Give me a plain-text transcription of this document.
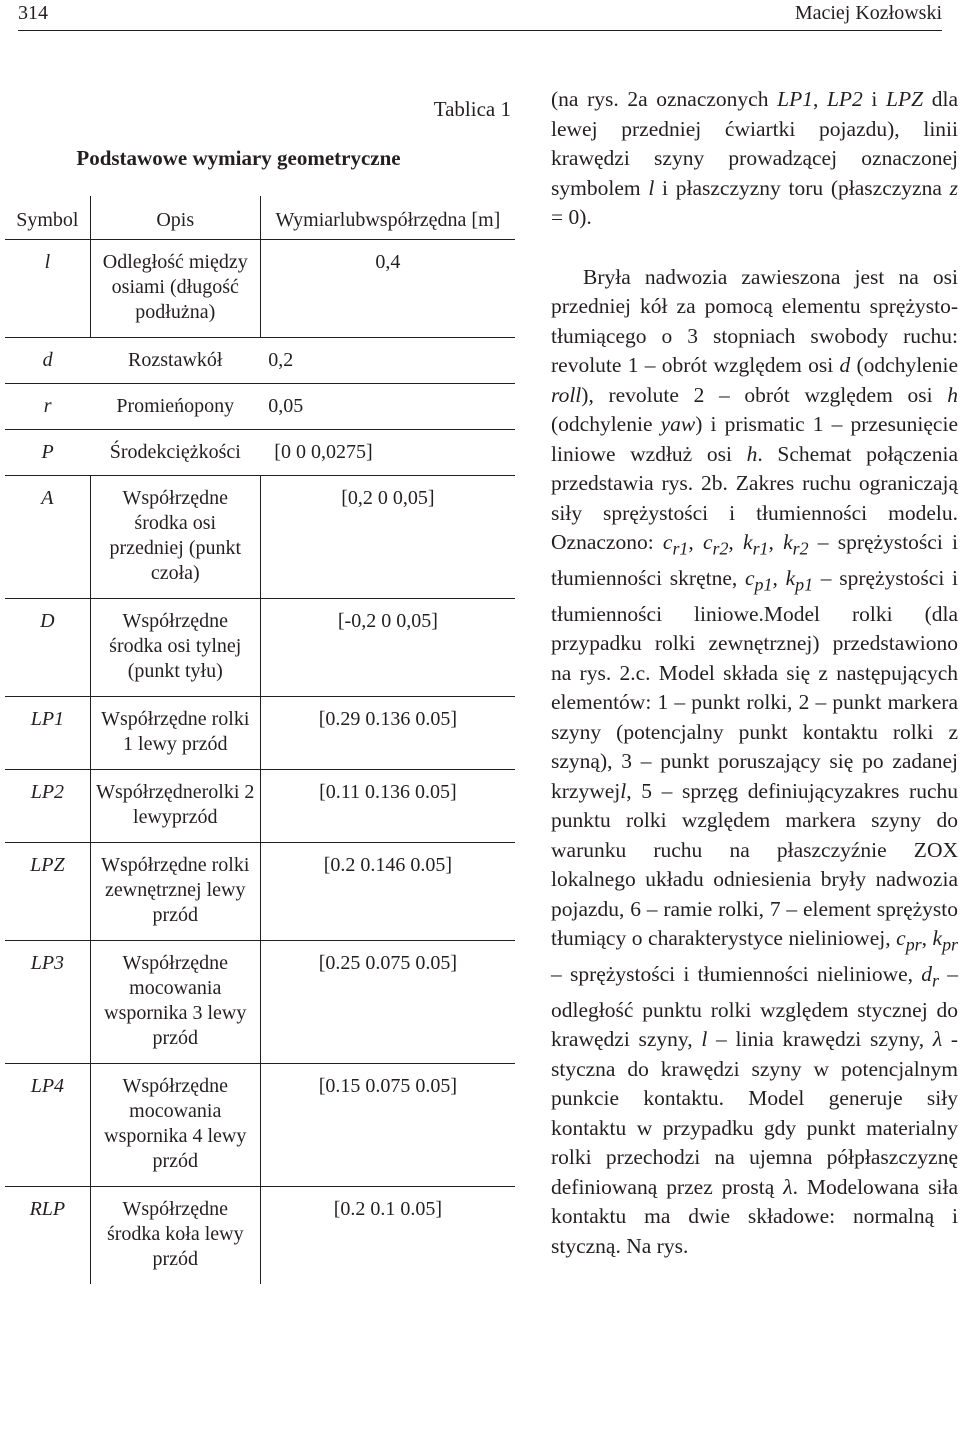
314	Maciej Kozłowski
Tablica 1
Podstawowe wymiary geometryczne
Symbol	Opis	Wymiarlubwspółrzędna [m]
l	Odległość między osiami (długość podłużna)	0,4
d	Rozstawkół	0,2
r	Promieńopony	0,05
P	Środekciężkości	[0 0 0,0275]
A	Współrzędne środka osi przedniej (punkt czoła)	[0,2 0 0,05]
D	Współrzędne środka osi tylnej (punkt tyłu)	[-0,2 0 0,05]
LP1	Współrzędne rolki 1 lewy przód	[0.29 0.136 0.05]
LP2	Współrzędnerolki 2 lewyprzód	[0.11 0.136 0.05]
LPZ	Współrzędne rolki zewnętrznej lewy przód	[0.2 0.146 0.05]
LP3	Współrzędne mocowania wspornika 3 lewy przód	[0.25 0.075 0.05]
LP4	Współrzędne mocowania wspornika 4 lewy przód	[0.15 0.075 0.05]
RLP	Współrzędne środka koła lewy przód	[0.2 0.1 0.05]

(na rys. 2a oznaczonych LP1, LP2 i LPZ dla lewej przedniej ćwiartki pojazdu), linii krawędzi szyny prowadzącej oznaczonej symbolem l i płaszczyzny toru (płaszczyzna z = 0).

Bryła nadwozia zawieszona jest na osi przedniej kół za pomocą elementu sprężysto-tłumiącego o 3 stopniach swobody ruchu: revolute 1 – obrót względem osi d (odchylenie roll), revolute 2 – obrót względem osi h (odchylenie yaw) i prismatic 1 – przesunięcie liniowe wzdłuż osi h. Schemat połączenia przedstawia rys. 2b. Zakres ruchu ograniczają siły sprężystości i tłumienności modelu. Oznaczono: $c_{r1}$, $c_{r2}$, $k_{r1}$, $k_{r2}$ – sprężystości i tłumienności skrętne, $c_{p1}$, $k_{p1}$ – sprężystości i tłumienności liniowe.Model rolki (dla przypadku rolki zewnętrznej) przedstawiono na rys. 2.c. Model składa się z następujących elementów: 1 – punkt rolki, 2 – punkt markera szyny (potencjalny punkt kontaktu rolki z szyną), 3 – punkt poruszający się po zadanej krzywejl, 5 – sprzęg definiującyzakres ruchu punktu rolki względem markera szyny do warunku ruchu na płaszczyźnie ZOX lokalnego układu odniesienia bryły nadwozia pojazdu, 6 – ramie rolki, 7 – element sprężysto tłumiący o charakterystyce nieliniowej, $c_{pr}$, $k_{pr}$ – sprężystości i tłumienności nieliniowe, $d_r$ – odległość punktu rolki względem stycznej do krawędzi szyny, l – linia krawędzi szyny, λ - styczna do krawędzi szyny w potencjalnym punkcie kontaktu. Model generuje siły kontaktu w przypadku gdy punkt materialny rolki przechodzi na ujemna półpłaszczyznę definiowaną przez prostą λ. Modelowana siła kontaktu ma dwie składowe: normalną i styczną. Na rys.
